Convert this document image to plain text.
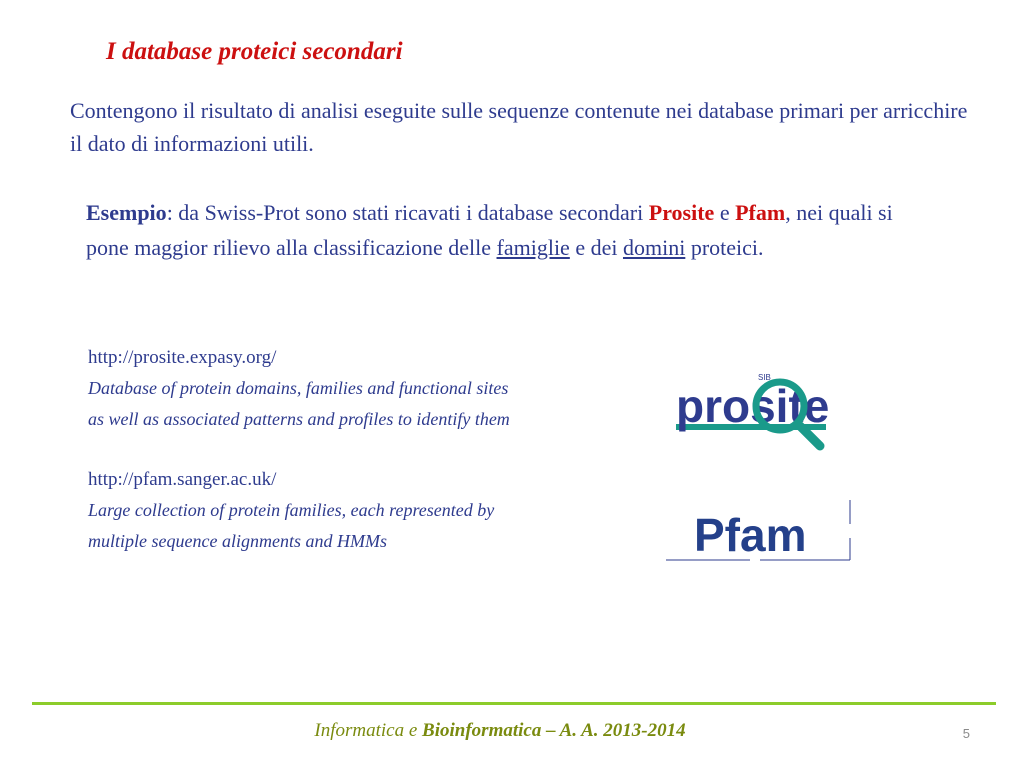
I database proteici secondari
Contengono il risultato di analisi eseguite sulle sequenze contenute nei database primari per arricchire il dato di informazioni utili.
Esempio: da Swiss-Prot sono stati ricavati i database secondari Prosite e Pfam, nei quali si pone maggior rilievo alla classificazione delle famiglie e dei domini proteici.
http://prosite.expasy.org/
Database of protein domains, families and functional sites
as well as associated patterns and profiles to identify them
http://pfam.sanger.ac.uk/
Large collection of protein families, each represented by
multiple sequence alignments and HMMs
prosite
SIB
Pfam
Informatica e Bioinformatica – A. A. 2013-2014	5
